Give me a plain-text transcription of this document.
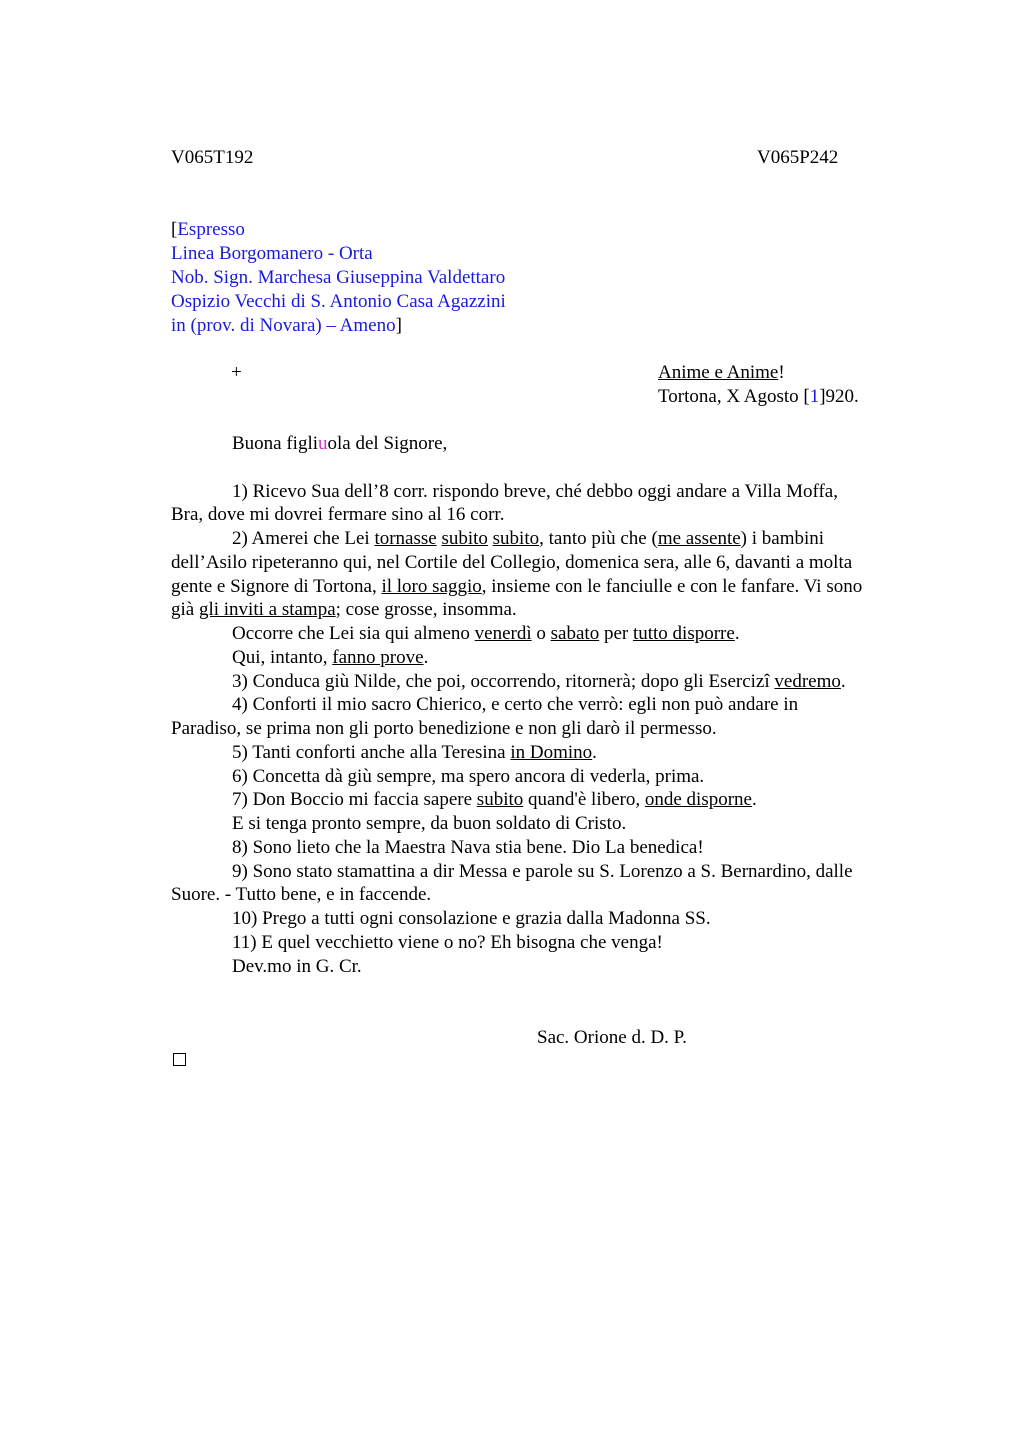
V065T192	V065P242
[Espresso
Linea Borgomanero - Orta
Nob. Sign. Marchesa Giuseppina Valdettaro
Ospizio Vecchi di S. Antonio Casa Agazzini
in (prov. di Novara) – Ameno]
+	Anime e Anime!
Tortona, X Agosto [1]920.
Buona figliuola del Signore,
1) Ricevo Sua dell’8 corr. rispondo breve, ché debbo oggi andare a Villa Moffa,
Bra, dove mi dovrei fermare sino al 16 corr.
2) Amerei che Lei tornasse subito subito, tanto più che (me assente) i bambini
dell’Asilo ripeteranno qui, nel Cortile del Collegio, domenica sera, alle 6, davanti a molta
gente e Signore di Tortona, il loro saggio, insieme con le fanciulle e con le fanfare. Vi sono
già gli inviti a stampa; cose grosse, insomma.
Occorre che Lei sia qui almeno venerdì o sabato per tutto disporre.
Qui, intanto, fanno prove.
3) Conduca giù Nilde, che poi, occorrendo, ritornerà; dopo gli Esercizi vedremo.
4) Conforti il mio sacro Chierico, e certo che verrò: egli non può andare in
Paradiso, se prima non gli porto benedizione e non gli darò il permesso.
5) Tanti conforti anche alla Teresina in Domino.
6) Concetta dà giù sempre, ma spero ancora di vederla, prima.
7) Don Boccio mi faccia sapere subito quand'è libero, onde disporne.
E si tenga pronto sempre, da buon soldato di Cristo.
8) Sono lieto che la Maestra Nava stia bene. Dio La benedica!
9) Sono stato stamattina a dir Messa e parole su S. Lorenzo a S. Bernardino, dalle
Suore. - Tutto bene, e in faccende.
10) Prego a tutti ogni consolazione e grazia dalla Madonna SS.
11) E quel vecchietto viene o no? Eh bisogna che venga!
Dev.mo in G. Cr.
Sac. Orione d. D. P.
